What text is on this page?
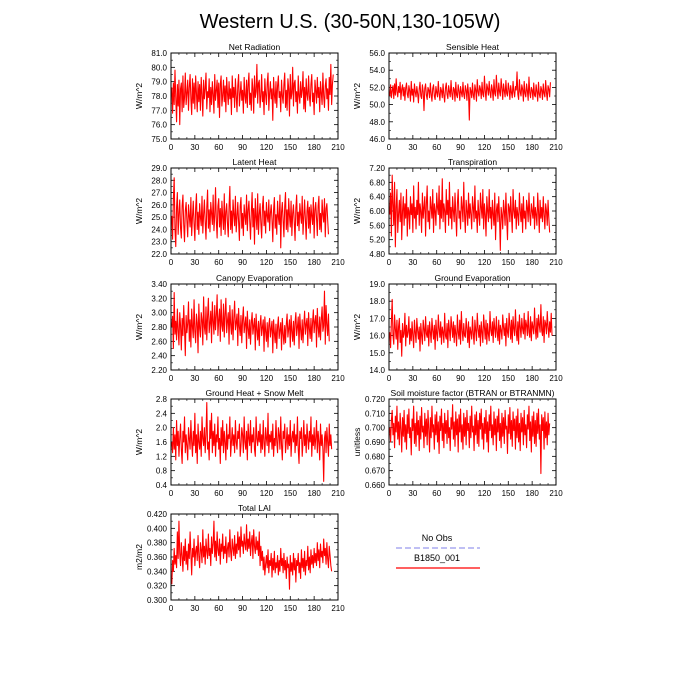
Western U.S. (30-50N,130-105W)
No Obs
B1850_001
Net Radiation
W/m^2
0 30 60 90 120 150 180 210
75.0
76.0
77.0
78.0
79.0
80.0
81.0
Sensible Heat
W/m^2
0 30 60 90 120 150 180 210
46.0
48.0
50.0
52.0
54.0
56.0
Latent Heat
W/m^2
0 30 60 90 120 150 180 210
22.0
23.0
24.0
25.0
26.0
27.0
28.0
29.0
Transpiration
W/m^2
0 30 60 90 120 150 180 210
4.80
5.20
5.60
6.00
6.40
6.80
7.20
Canopy Evaporation
W/m^2
0 30 60 90 120 150 180 210
2.20
2.40
2.60
2.80
3.00
3.20
3.40
Ground Evaporation
W/m^2
0 30 60 90 120 150 180 210
14.0
15.0
16.0
17.0
18.0
19.0
Ground Heat + Snow Melt
W/m^2
0 30 60 90 120 150 180 210
0.4
0.8
1.2
1.6
2.0
2.4
2.8
Soil moisture factor (BTRAN or BTRANMN)
unitless
0 30 60 90 120 150 180 210
0.660
0.670
0.680
0.690
0.700
0.710
0.720
Total LAI
m2/m2
0 30 60 90 120 150 180 210
0.300
0.320
0.340
0.360
0.380
0.400
0.420
